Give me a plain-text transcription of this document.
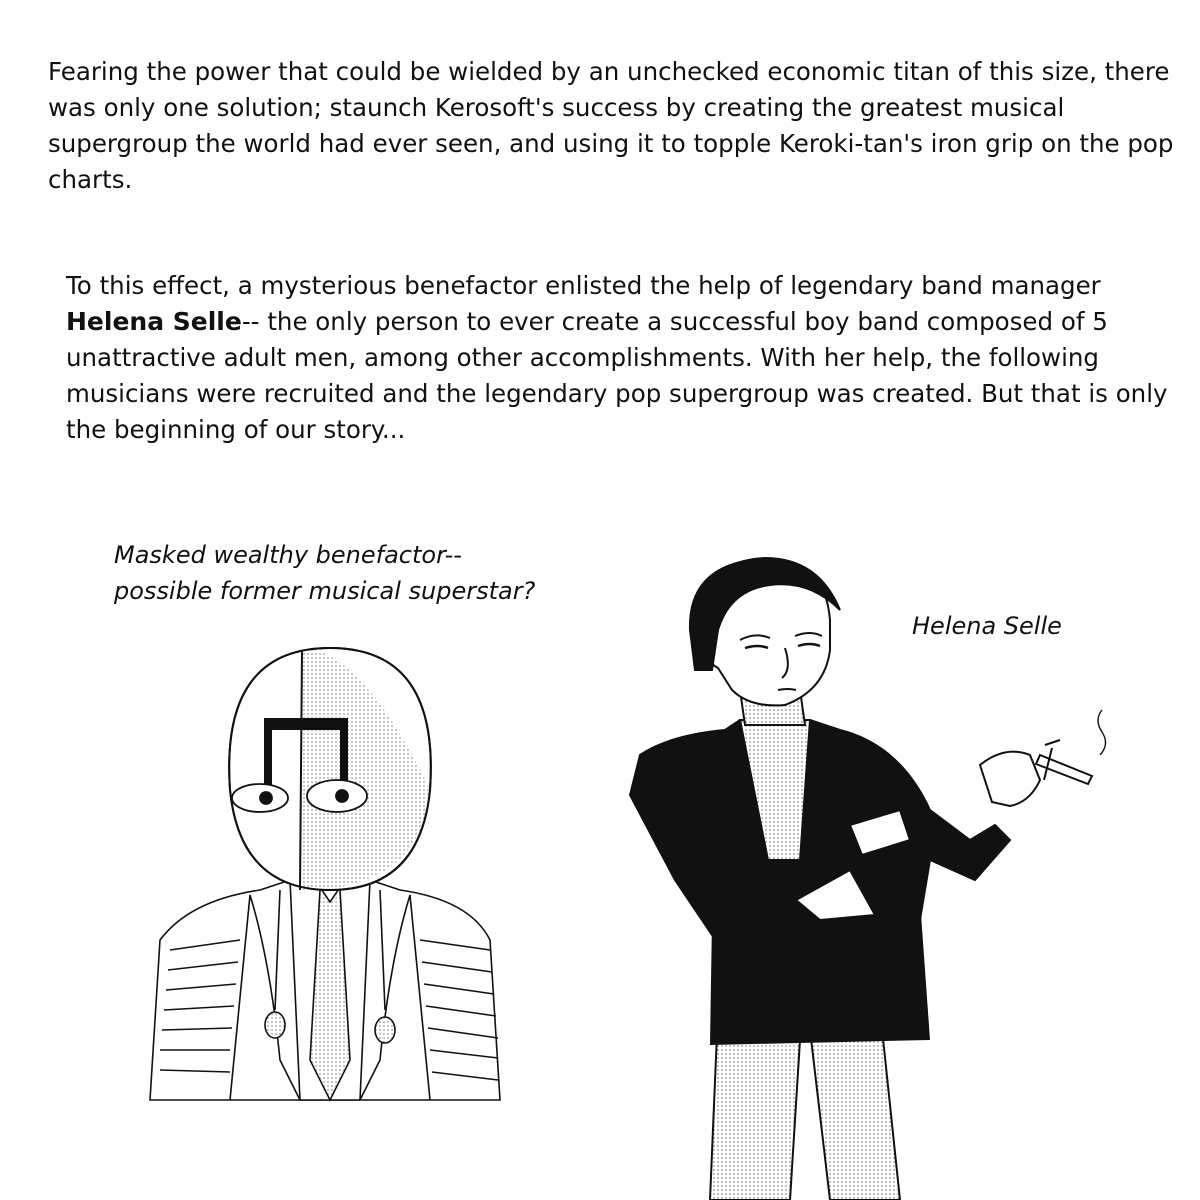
Fearing the power that could be wielded by an unchecked economic titan of this size, there was only one solution; staunch Kerosoft's success by creating the greatest musical supergroup the world had ever seen, and using it to topple Keroki-tan's iron grip on the pop charts.

To this effect, a mysterious benefactor enlisted the help of legendary band manager Helena Selle-- the only person to ever create a successful boy band composed of 5 unattractive adult men, among other accomplishments. With her help, the following musicians were recruited and the legendary pop supergroup was created. But that is only the beginning of our story...

Masked wealthy benefactor--
possible former musical superstar?
Helena Selle
